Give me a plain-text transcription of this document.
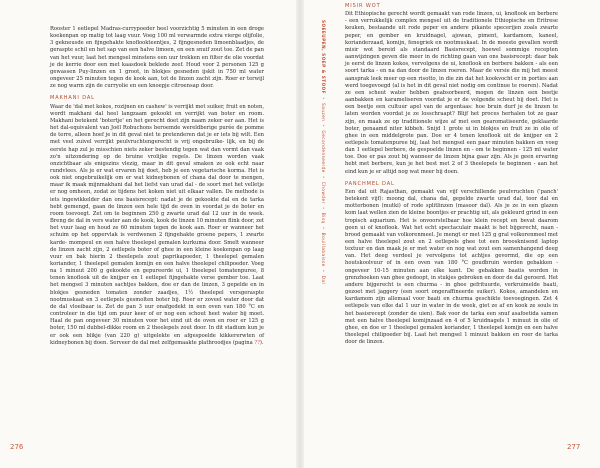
Rooster 1 eetlepel Madras-currypoeder heel voorzichtig 5 minuten in een droge koekenpan op matig tot laag vuur. Voeg 100 ml verwarmde extra vierge olijfolie, 3 gekneusde en fijngehakte knoflookteentjes, 2 fijngesneden limoenblaadjes, de geraspte schil en het sap van een halve limoen, en een snuif zout toe. Zet de pan van het vuur, laat het mengsel minstens een uur trekken en filter de olie voordat je de kerrie door een met kaasdoek beklede zeef. Houd voor 2 personen 125 g gewassen Puy-linzen en 1 groot, in blokjes gesneden ijskit in 750 ml water ongeveer 25 minuten tegen de kook aan, tot de linzen zacht zijn. Roer er terwijl ze nog warm zijn de curryolie en een knoepje citroensap door.

MAKHANI DAL

Waar de 'dal met kokos, rozijnen en cashew' is verrijkt met suiker, fruit en noten, wordt makhani dal heel langzaam gekookt en verrijkt van boter en room. Makhani betekent 'botertje' en het gerecht doet zijn naam zeker eer aan. Het is het dal-equivalent van Joël Robuchons beroemde wereldberige purée de pomme de terre, alleen hoef je in dit geval niet te pretenderen dat je er iets bij wilt. Een met veel zuivel verrijkt peulvruchtengerecht is vrij ongebruike- lijk, en bij de eerste hap zul je misschien niets zeker bestendig tegen wat dan vormt dan vaak zo'n uitzondering op de bruine vrolijke regels. De linzen worden vaak onzichtbaar als enigszins vlezig, maar in dit geval smaken ze ook echt naar rundvlees. Als je er wat ervaren bij doet, heb je een vegetarische korma. Het is ook niet ongebruikelijk om er wat kidneybonen of chana dal door te mengen, maar ik maak mijnmakhani dal het liefst van urad dal - de soort met het velletje er nog omheen, zodat ze tijdens het koken niet uit elkaar vallen. De methode is iets ingewikkelder dan ons basisrecept: nadat je de gekookte dal en de tarka hebt gemengd, gaan de linzen een hele tijd de oven in voordat je de boter en room toevoegt. Zet om te beginnen 250 g zwarte urad dal 12 uur in de week. Breng de dal in vers water aan de kook, kook de linzen 10 minuten flink door, zet het vuur laag en houd ze 60 minuten tegen de kook aan. Roer er wanneer het schuim op het oppervlak is verdwenen 2 fijngehakte groene pepers, 1 zwarte karde- mompeul en een halve theelepel gemalen kurkuma door. Smelt wanneer de linzen zacht zijn, 2 eetlepels boter of ghee in een kleine koekenpan op laag vuur en bak hierin 2 theelepels zout paprikapoeder, 1 theelepel gemalen koriander, 1 theelepel gemalen komijn en een halve theelepel chilipoeder. Voeg na 1 minuut 200 g gekookte en gepureerde ui, 1 theelepel tomatenpuree, 8 tenen knoflook uit de knijper en 1 eetlepel fijngehakte verse gember toe. Laat het mengsel 3 minuten sachtjes bakken, doe er dan de linzen, 3 gepelde en in blokjes gesneden tomaten zonder zaadjes, 1½ theelepel versgeraspte nootmuskaat en 3 eetlepels gesmolten boter bij. Roer er zoveel water door dat de dal vloeibaar is. Zet de pan 3 uur onafgedekt in een oven van 180 °C en controleer in die tijd om puur keer of er nog een schout heet water bij moet. Haal de pan ongeveer 30 minuten voor het eind uit de oven en roer er 125 g boter, 150 ml dubbel-dikke room en 2 theelepels zout door. In dit stadium kun je er ook een blikje (van 220 g) uitgelekte en afgespoelde kikkererwten of kidneybonen bij doen. Serveer de dal met zelfgemaakte plathroodjes (pagina ??).

276
SOEEUPEN, SOEP & STOOF•Sauzen•Gecondenseerde•Chowder•Bisq•Bouillabaisse•Dal
MISIR WOT

Dit Ethiopische gerecht wordt gemaakt van rode linzen, ui, knoflook en berbere - een verrukkelijk complex mengsel uit de traditionele Ethiopische en Eritrese keuken, bestaande uit rode peper en andere pikante specerijen zoals zwarte peper, en gember en kruidnagel, ajowan, piment, kardamom, kaneel, korianderzaad, komijn, fenegriek en nootmuskaat. In de meeste gevallen wordt misir wot bereid als standaard Basisrecept, hoewel sommige recepten aanwijzingen geven die meer in de richting gaan van ons basisrecept: daar bak je eerst de linzen kokos, vervolgens de ui, knoflook en berbere bakken - als een soort tarka - en na dan door de linzen roeren. Maar de versie die mij het meest aansprak leek meer op een risotto, in die zin dat het kookvocht er in porties aan werd toegevoegd (al is het in dit geval niet nodig om continue te roeren). Nadat ze een scheut water hebben geabsorbeerd, mogen de linzen een beetje aanbakken en karameliseren voordat je er de volgende scheut bij doet. Het is een beetje een cultuur apel van de argentaas: hoe bruin durf je de linzen te laten worden voordat je ze losschraapt? Blijf het proces herhalen tot ze gaar zijn, en maak ze op traditionele wijze af met een gearomatiseerde, geklaarde boter, genaamd niter kibbeh. Snijd 1 grote ui in blokjes en fruit ze in olie of ghee in een middelgrote pan. Doe er 4 tenen knoflook uit de knijper en 2 eetlepels tomatenpuree bij, laat het mengsel een paar minuten bakken en voeg dan 1 eetlepel berbere, de gespoelde linzen en - om te beginnen - 125 ml water toe. Doe er pas zout bij wanneer de linzen bijna gaar zijn. Als je geen ervaring hebt met berbere, kun je het best met 2 of 3 theelepels te beginnen - aan het eind kun je er altijd nog wat meer bij doen.

PANCHMEL DAL

Een dal uit Rajasthan, gemaakt van vijf verschillende peulvruchten ('panch' betekent vijf): moong dal, chana dal, gepelde zwarte urad dal, toor dal en motterbonen (mutki) of rode splitlinzen (masoor dal). Als je ze in een glazen kom laat wellen zien de kleine boontjes er prachtig uit, als gekleurd grind in een tropisch aquarium. Het is onvoorstelbaar hoe klein recept en bevat daarom geen ui of knoflook. Wat het echt spectaculair maakt is het bijgerecht, naan - brood gemaakt van volkorenmeel. Je mengt er met 125 g gral volkorenmeel met een halve theelepel zout en 2 eetlepels ghee tot een broosknisend laptop textuur en dan maak je er met water en nog wat zout een samenhangend deeg van. Het deeg verdeel je vervolgens tot achtjes gevormd, die op een houtskoolvuur of in een oven van 180 °C goudbruin worden gebakken - ongeveer 10-15 minuten aan elke kant. De gebakken baatis worden in grenzhoeken van ghee gedoopt, in stukjes gebroken en door de dal geroerd. Het andere bijgerecht is een churma - in ghee gefrituurde, verkruimelde baati, gezoet met jaggery (een soort ongeraffineerde suiker). Kokos, amandelen en kardamom zijn allemaal voor baati en churma geschikte toevoegingen. Zet 4 eetlepels van elke dal 1 uur in water in de week, giet ze af en kook ze souls in het basisrecept (zonder de uien). Bak voor de tarka een snuf asafoetida samen met een halve theelepel komijnzaad en 4 of 5 kruidnagels 1 minuut in olie of ghee, en doe er 1 theelepel gemalen koriander, 1 theelepel komijn en een halve theelepel chilipoeder bij. Laat het mengsel 1 minuut bakken en roer de tarka door de linzen.

277
